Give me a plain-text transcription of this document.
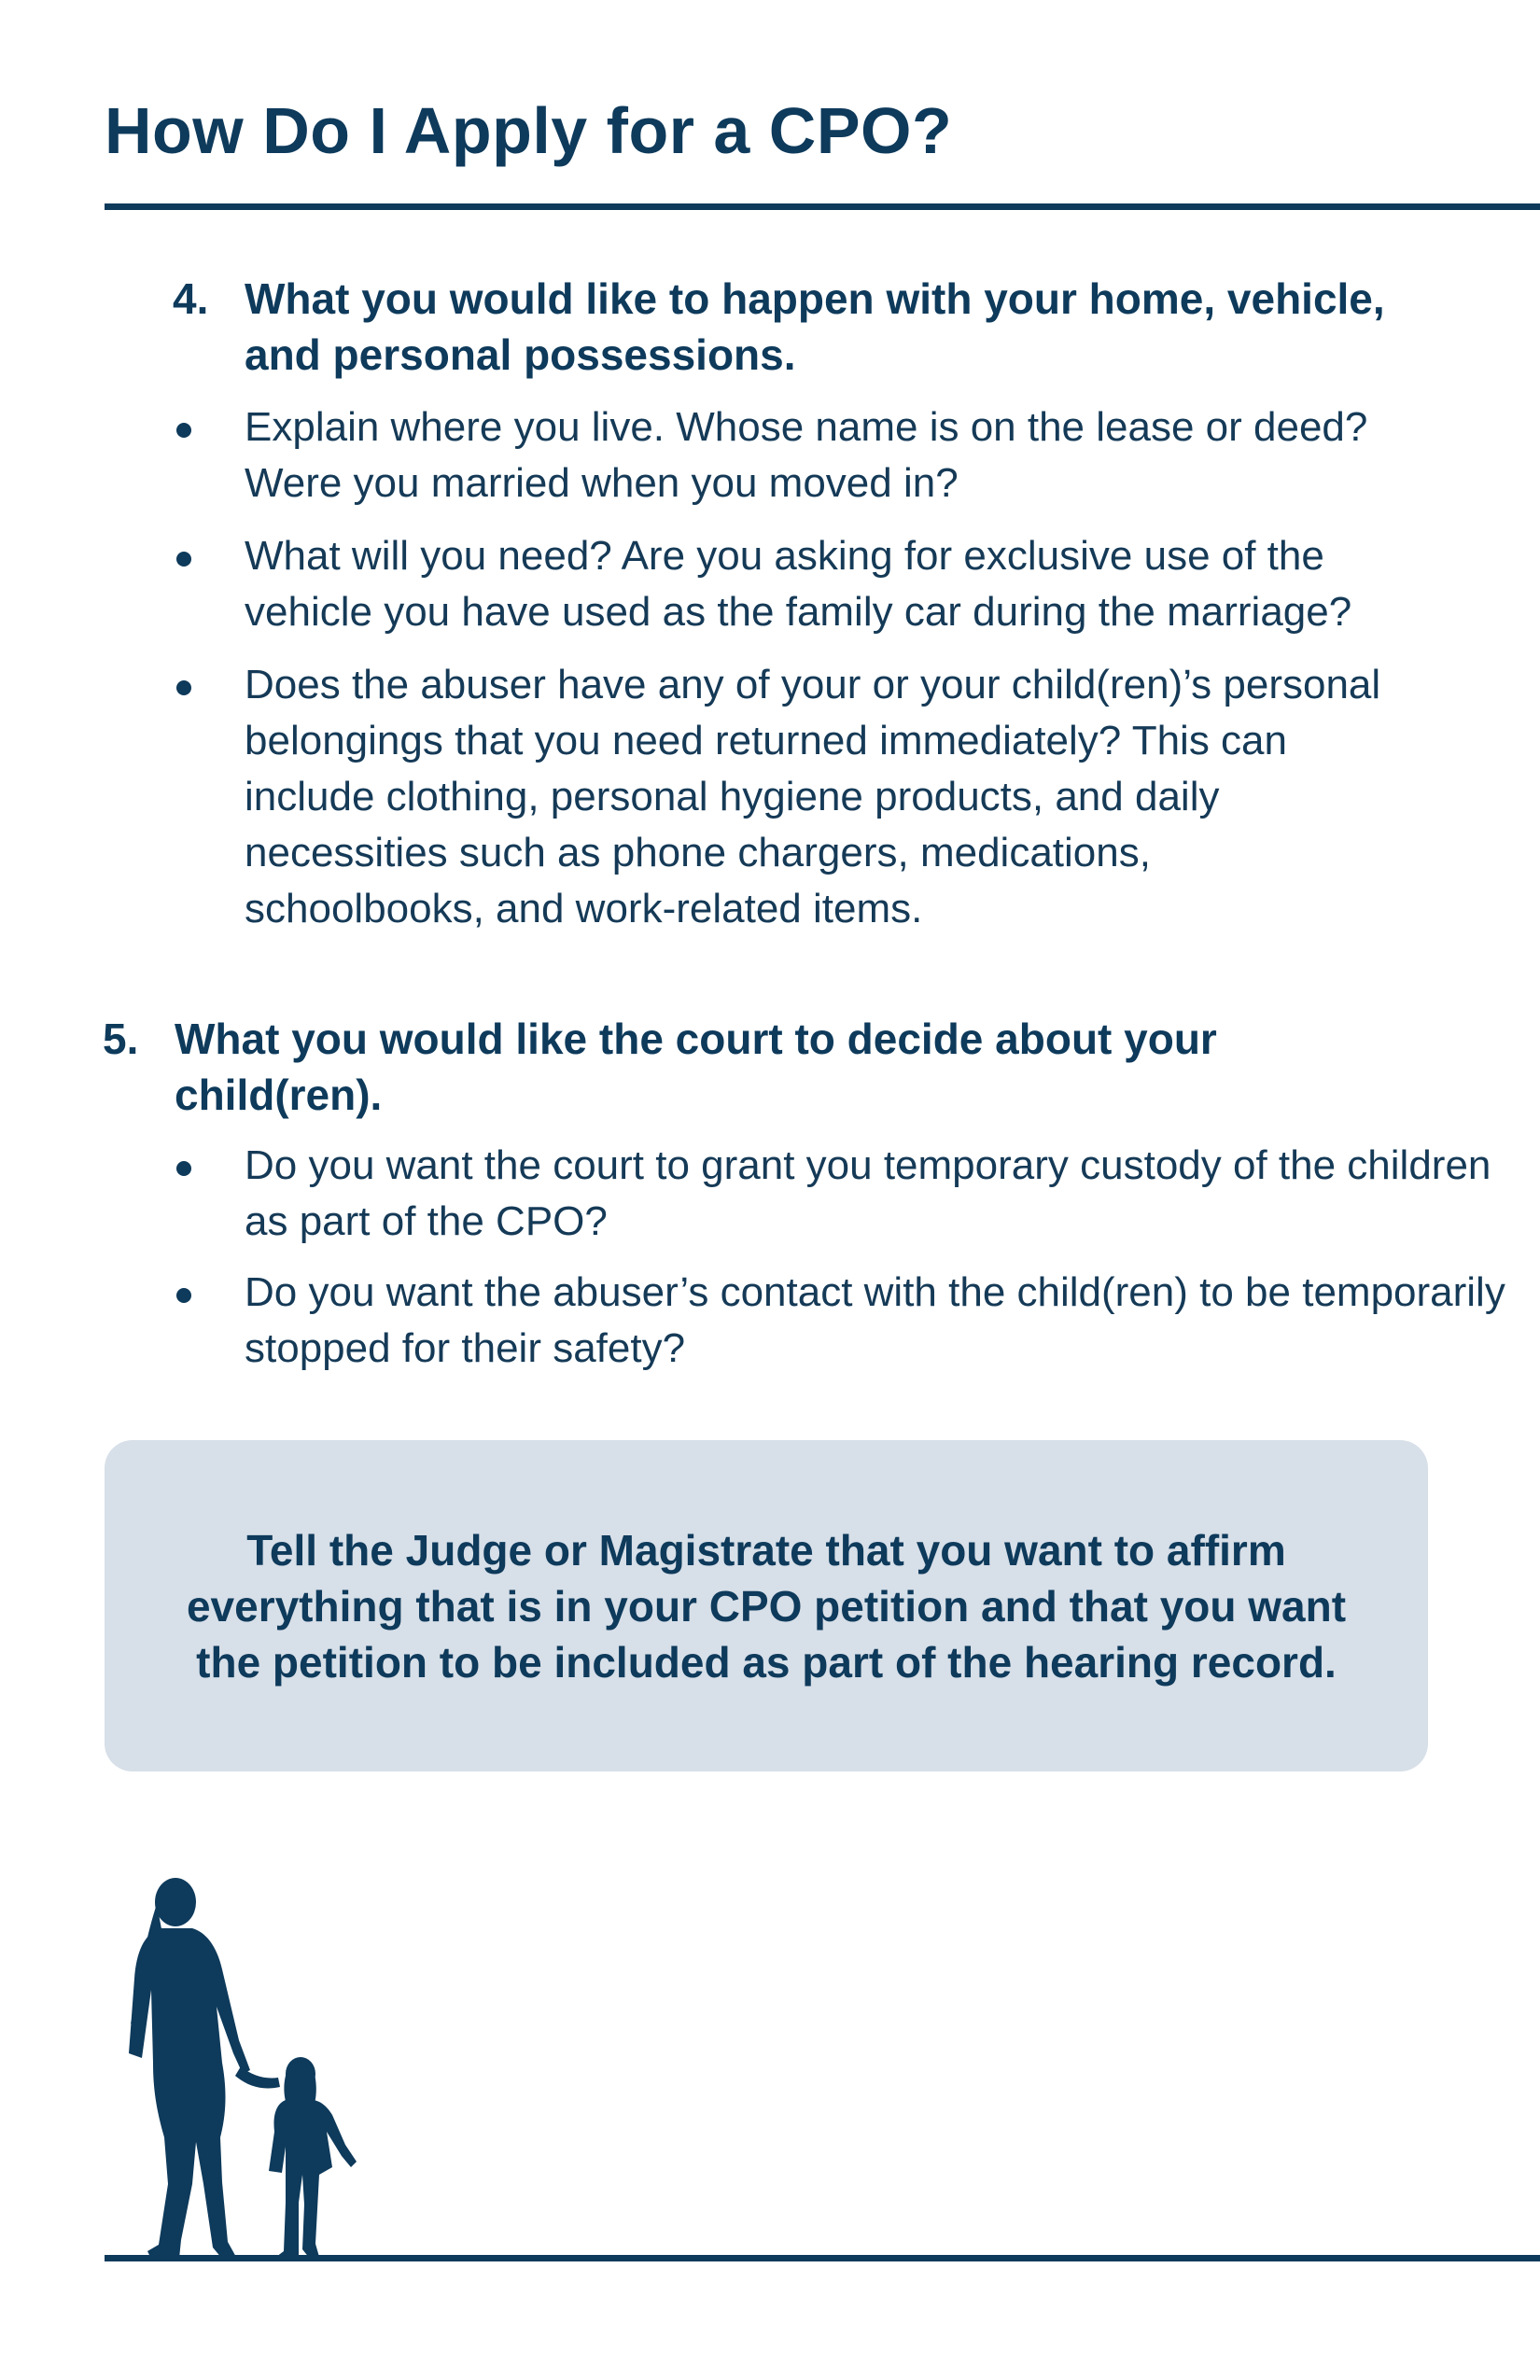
How Do I Apply for a CPO?
4. What you would like to happen with your home, vehicle, and personal possessions.
Explain where you live. Whose name is on the lease or deed? Were you married when you moved in?
What will you need? Are you asking for exclusive use of the vehicle you have used as the family car during the marriage?
Does the abuser have any of your or your child(ren)’s personal belongings that you need returned immediately? This can include clothing, personal hygiene products, and daily necessities such as phone chargers, medications, schoolbooks, and work-related items.
5. What you would like the court to decide about your child(ren).
Do you want the court to grant you temporary custody of the children as part of the CPO?
Do you want the abuser’s contact with the child(ren) to be temporarily stopped for their safety?
Tell the Judge or Magistrate that you want to affirm everything that is in your CPO petition and that you want the petition to be included as part of the hearing record.
